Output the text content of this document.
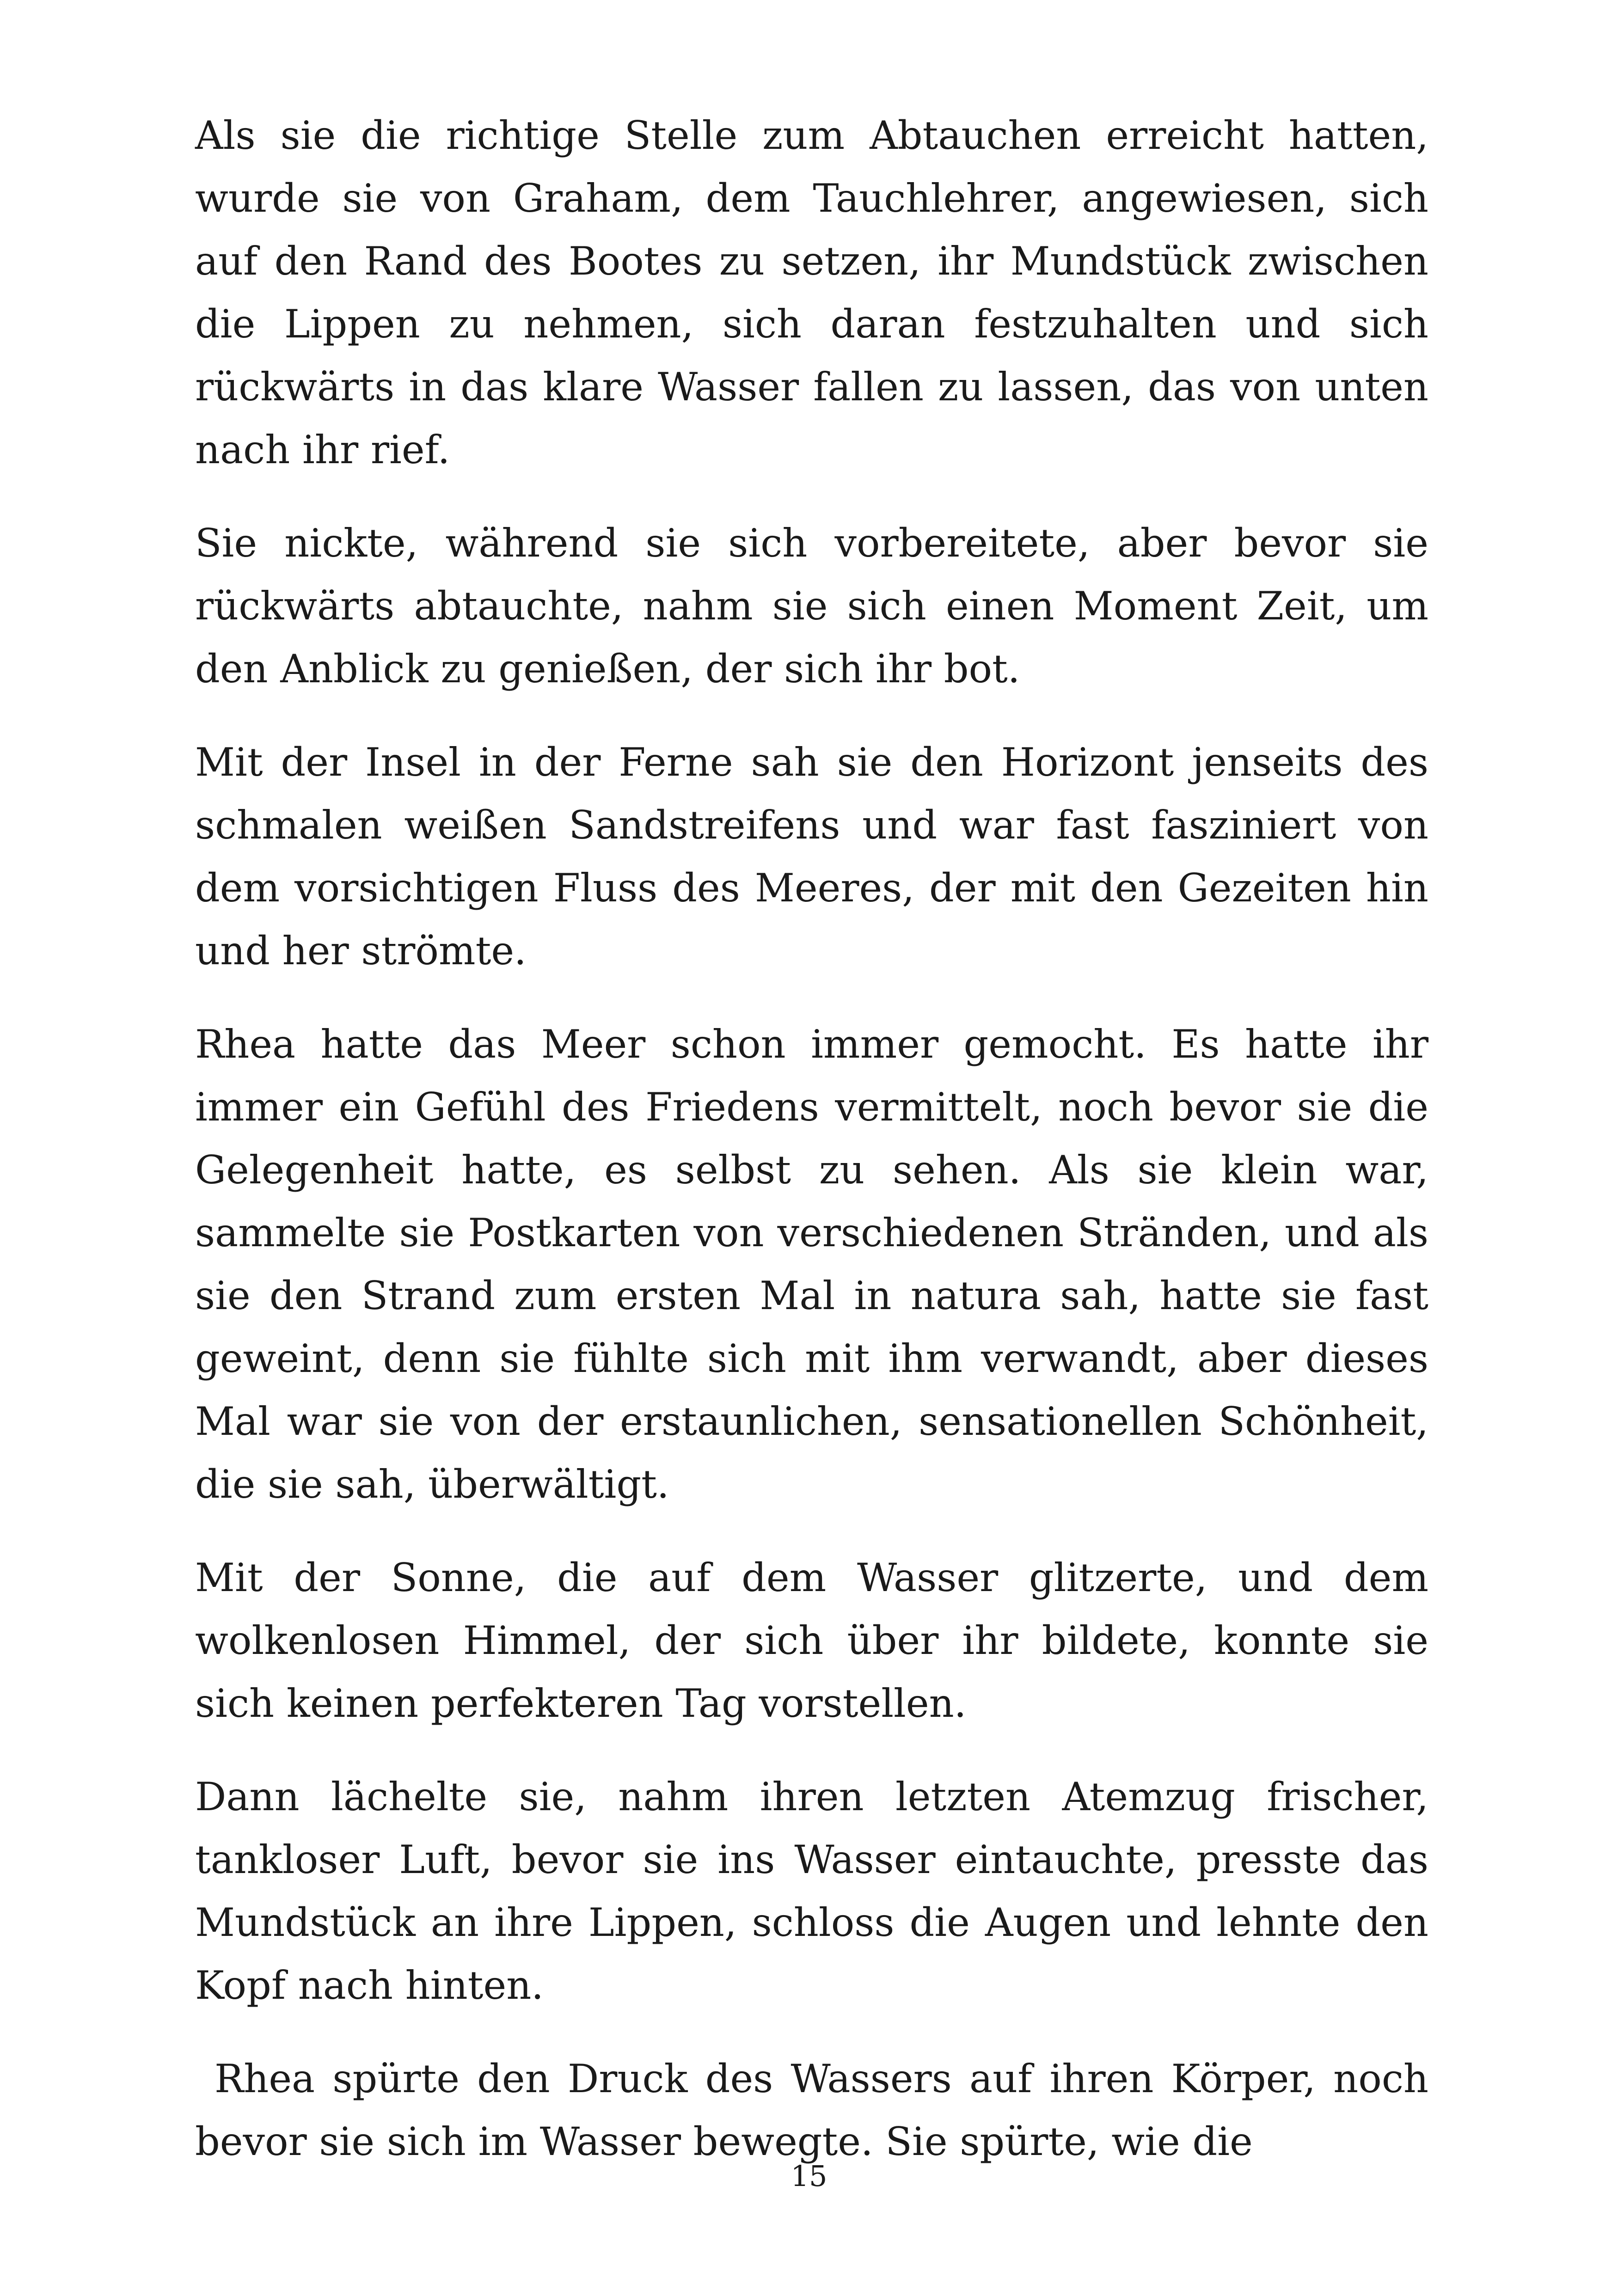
Als sie die richtige Stelle zum Abtauchen erreicht hatten, wurde sie von Graham, dem Tauchlehrer, angewiesen, sich auf den Rand des Bootes zu setzen, ihr Mundstück zwischen die Lippen zu nehmen, sich daran festzuhalten und sich rückwärts in das klare Wasser fallen zu lassen, das von unten nach ihr rief.

Sie nickte, während sie sich vorbereitete, aber bevor sie rückwärts abtauchte, nahm sie sich einen Moment Zeit, um den Anblick zu genießen, der sich ihr bot.

Mit der Insel in der Ferne sah sie den Horizont jenseits des schmalen weißen Sandstreifens und war fast fasziniert von dem vorsichtigen Fluss des Meeres, der mit den Gezeiten hin und her strömte.

Rhea hatte das Meer schon immer gemocht. Es hatte ihr immer ein Gefühl des Friedens vermittelt, noch bevor sie die Gelegenheit hatte, es selbst zu sehen. Als sie klein war, sammelte sie Postkarten von verschiedenen Stränden, und als sie den Strand zum ersten Mal in natura sah, hatte sie fast geweint, denn sie fühlte sich mit ihm verwandt, aber dieses Mal war sie von der erstaunlichen, sensationellen Schönheit, die sie sah, überwältigt.

Mit der Sonne, die auf dem Wasser glitzerte, und dem wolkenlosen Himmel, der sich über ihr bildete, konnte sie sich keinen perfekteren Tag vorstellen.

Dann lächelte sie, nahm ihren letzten Atemzug frischer, tankloser Luft, bevor sie ins Wasser eintauchte, presste das Mundstück an ihre Lippen, schloss die Augen und lehnte den Kopf nach hinten.

Rhea spürte den Druck des Wassers auf ihren Körper, noch bevor sie sich im Wasser bewegte. Sie spürte, wie die

15
